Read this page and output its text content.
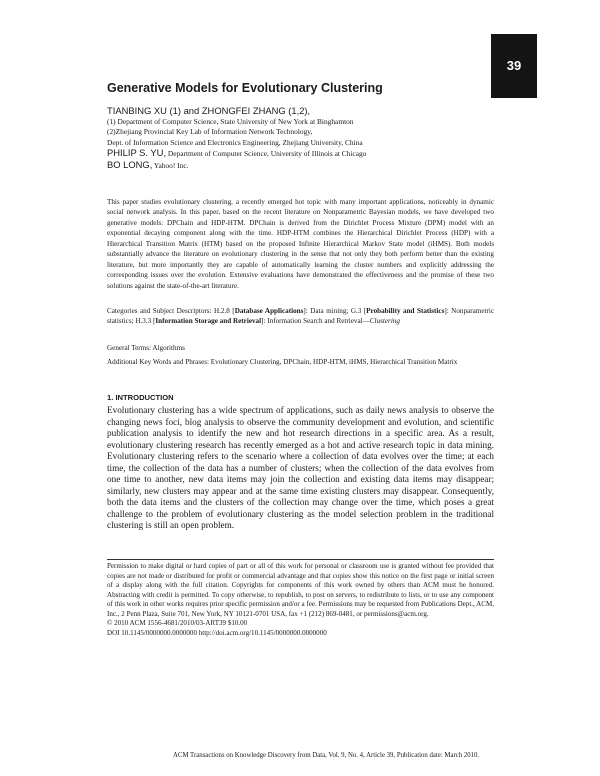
39
Generative Models for Evolutionary Clustering
TIANBING XU (1) and ZHONGFEI ZHANG (1,2),
(1) Department of Computer Science, State University of New York at Binghamton
(2)Zhejiang Provincial Key Lab of Information Network Technology,
Dept. of Information Science and Electronics Engineering, Zhejiang University, China
PHILIP S. YU, Department of Computer Science, University of Illinois at Chicago
BO LONG, Yahoo! Inc.
This paper studies evolutionary clustering, a recently emerged hot topic with many important applications, noticeably in dynamic social network analysis. In this paper, based on the recent literature on Nonparametric Bayesian models, we have developed two generative models: DPChain and HDP-HTM. DPChain is derived from the Dirichlet Process Mixture (DPM) model with an exponential decaying component along with the time. HDP-HTM combines the Hierarchical Dirichlet Process (HDP) with a Hierarchical Transition Matrix (HTM) based on the proposed Infinite Hierarchical Markov State model (iHMS). Both models substantially advance the literature on evolutionary clustering in the sense that not only they both perform better than the existing literature, but more importantly they are capable of automatically learning the cluster numbers and explicitly addressing the corresponding issues over the evolution. Extensive evaluations have demonstrated the effectiveness and the promise of these two solutions against the state-of-the-art literature.
Categories and Subject Descriptors: H.2.8 [Database Applications]: Data mining; G.3 [Probability and Statistics]: Nonparametric statistics; H.3.3 [Information Storage and Retrieval]: Information Search and Retrieval—Clustering
General Terms: Algorithms
Additional Key Words and Phrases: Evolutionary Clustering, DPChain, HDP-HTM, iHMS, Hierarchical Transition Matrix
1. INTRODUCTION
Evolutionary clustering has a wide spectrum of applications, such as daily news analysis to observe the changing news foci, blog analysis to observe the community development and evolution, and scientific publication analysis to identify the new and hot research directions in a specific area. As a result, evolutionary clustering research has recently emerged as a hot and active research topic in data mining. Evolutionary clustering refers to the scenario where a collection of data evolves over the time; at each time, the collection of the data has a number of clusters; when the collection of the data evolves from one time to another, new data items may join the collection and existing data items may disappear; similarly, new clusters may appear and at the same time existing clusters may disappear. Consequently, both the data items and the clusters of the collection may change over the time, which poses a great challenge to the problem of evolutionary clustering as the model selection problem in the traditional clustering is still an open problem.
Permission to make digital or hard copies of part or all of this work for personal or classroom use is granted without fee provided that copies are not made or distributed for profit or commercial advantage and that copies show this notice on the first page or initial screen of a display along with the full citation. Copyrights for components of this work owned by others than ACM must be honored. Abstracting with credit is permitted. To copy otherwise, to republish, to post on servers, to redistribute to lists, or to use any component of this work in other works requires prior specific permission and/or a fee. Permissions may be requested from Publications Dept., ACM, Inc., 2 Penn Plaza, Suite 701, New York, NY 10121-0701 USA, fax +1 (212) 869-0481, or permissions@acm.org.
© 2010 ACM 1556-4681/2010/03-ART39 $10.00
DOI 10.1145/0000000.0000000 http://doi.acm.org/10.1145/0000000.0000000
ACM Transactions on Knowledge Discovery from Data, Vol. 9, No. 4, Article 39, Publication date: March 2010.
